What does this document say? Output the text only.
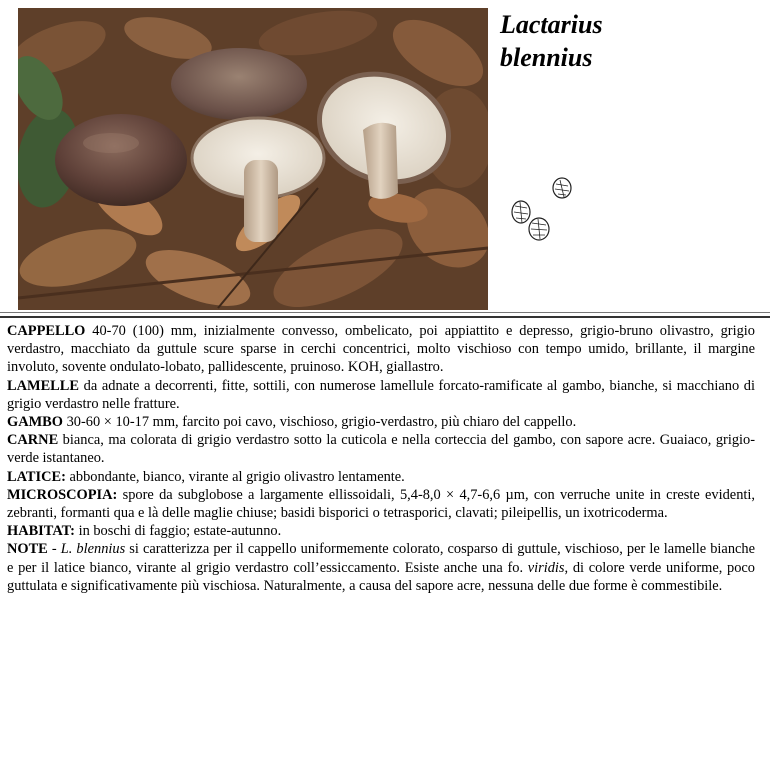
Lactarius
blennius

CAPPELLO 40-70 (100) mm, inizialmente convesso, ombelicato, poi appiattito e depresso, grigio-bruno olivastro, grigio verdastro, macchiato da guttule scure sparse in cerchi concentrici, molto vischioso con tempo umido, brillante, il margine involuto, sovente ondulato-lobato, pallidescente, pruinoso. KOH, giallastro.

LAMELLE da adnate a decorrenti, fitte, sottili, con numerose lamellule forcato-ramificate al gambo, bianche, si macchiano di grigio verdastro nelle fratture.

GAMBO 30-60 × 10-17 mm, farcito poi cavo, vischioso, grigio-verdastro, più chiaro del cappello.

CARNE bianca, ma colorata di grigio verdastro sotto la cuticola e nella corteccia del gambo, con sapore acre. Guaiaco, grigio-verde istantaneo.

LATICE: abbondante, bianco, virante al grigio olivastro lentamente.

MICROSCOPIA: spore da subglobose a largamente ellissoidali, 5,4-8,0 × 4,7-6,6 µm, con verruche unite in creste evidenti, zebranti, formanti qua e là delle maglie chiuse; basidi bisporici o tetrasporici, clavati; pileipellis, un ixotricoderma.

HABITAT: in boschi di faggio; estate-autunno.

NOTE - L. blennius si caratterizza per il cappello uniformemente colorato, cosparso di guttule, vischioso, per le lamelle bianche e per il latice bianco, virante al grigio verdastro coll’essiccamento. Esiste anche una fo. viridis, di colore verde uniforme, poco guttulata e significativamente più vischiosa. Naturalmente, a causa del sapore acre, nessuna delle due forme è commestibile.
